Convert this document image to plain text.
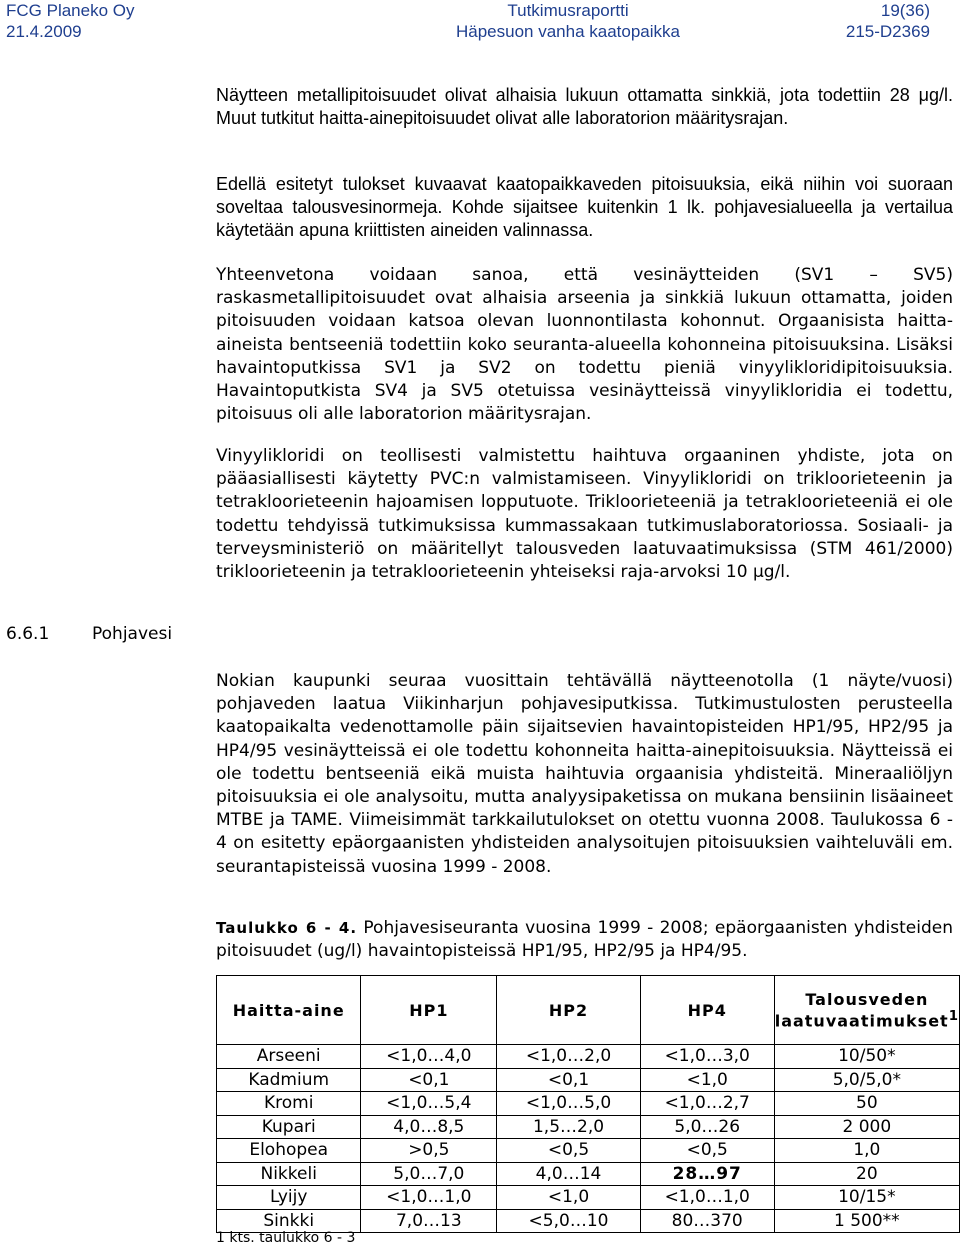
FCG Planeko Oy
21.4.2009
Tutkimusraportti
Häpesuon vanha kaatopaikka
19(36)
215-D2369
Näytteen metallipitoisuudet olivat alhaisia lukuun ottamatta sinkkiä, jota todettiin 28 μg/l. Muut tutkitut haitta-ainepitoisuudet olivat alle laboratorion määritysrajan.
Edellä esitetyt tulokset kuvaavat kaatopaikkaveden pitoisuuksia, eikä niihin voi suoraan soveltaa talousvesinormeja. Kohde sijaitsee kuitenkin 1 lk. pohjavesialueella ja vertailua käytetään apuna kriittisten aineiden valinnassa.
Yhteenvetona voidaan sanoa, että vesinäytteiden (SV1 – SV5) raskasmetallipitoisuudet ovat alhaisia arseenia ja sinkkiä lukuun ottamatta, joiden pitoisuuden voidaan katsoa olevan luonnontilasta kohonnut. Orgaanisista haitta-aineista bentseeniä todettiin koko seuranta-alueella kohonneina pitoisuuksina. Lisäksi havaintoputkissa SV1 ja SV2 on todettu pieniä vinyylikloridipitoisuuksia. Havaintoputkista SV4 ja SV5 otetuissa vesinäytteissä vinyylikloridia ei todettu, pitoisuus oli alle laboratorion määritysrajan.
Vinyylikloridi on teollisesti valmistettu haihtuva orgaaninen yhdiste, jota on pääasiallisesti käytetty PVC:n valmistamiseen. Vinyylikloridi on trikloorieteenin ja tetrakloorieteenin hajoamisen lopputuote. Trikloorieteeniä ja tetrakloorieteeniä ei ole todettu tehdyissä tutkimuksissa kummassakaan tutkimuslaboratoriossa. Sosiaali- ja terveysministeriö on määritellyt talousveden laatuvaatimuksissa (STM 461/2000) trikloorieteenin ja tetrakloorieteenin yhteiseksi raja-arvoksi 10 μg/l.
6.6.1	Pohjavesi
Nokian kaupunki seuraa vuosittain tehtävällä näytteenotolla (1 näyte/vuosi) pohjaveden laatua Viikinharjun pohjavesiputkissa. Tutkimustulosten perusteella kaatopaikalta vedenottamolle päin sijaitsevien havaintopisteiden HP1/95, HP2/95 ja HP4/95 vesinäytteissä ei ole todettu kohonneita haitta-ainepitoisuuksia. Näytteissä ei ole todettu bentseeniä eikä muista haihtuvia orgaanisia yhdisteitä. Mineraaliöljyn pitoisuuksia ei ole analysoitu, mutta analyysipaketissa on mukana bensiinin lisäaineet MTBE ja TAME. Viimeisimmät tarkkailutulokset on otettu vuonna 2008. Taulukossa 6 - 4 on esitetty epäorgaanisten yhdisteiden analysoitujen pitoisuuksien vaihteluväli em. seurantapisteissä vuosina 1999 - 2008.
Taulukko 6 - 4. Pohjavesiseuranta vuosina 1999 - 2008; epäorgaanisten yhdisteiden pitoisuudet (ug/l) havaintopisteissä HP1/95, HP2/95 ja HP4/95.
Haitta-aine	HP1	HP2	HP4	Talousveden laatuvaatimukset$^1$
Arseeni	<1,0…4,0	<1,0…2,0	<1,0…3,0	10/50*
Kadmium	<0,1	<0,1	<1,0	5,0/5,0*
Kromi	<1,0…5,4	<1,0…5,0	<1,0…2,7	50
Kupari	4,0…8,5	1,5…2,0	5,0…26	2 000
Elohopea	>0,5	<0,5	<0,5	1,0
Nikkeli	5,0…7,0	4,0…14	28…97	20
Lyijy	<1,0…1,0	<1,0	<1,0…1,0	10/15*
Sinkki	7,0…13	<5,0…10	80…370	1 500**
1 kts. taulukko 6 - 3
